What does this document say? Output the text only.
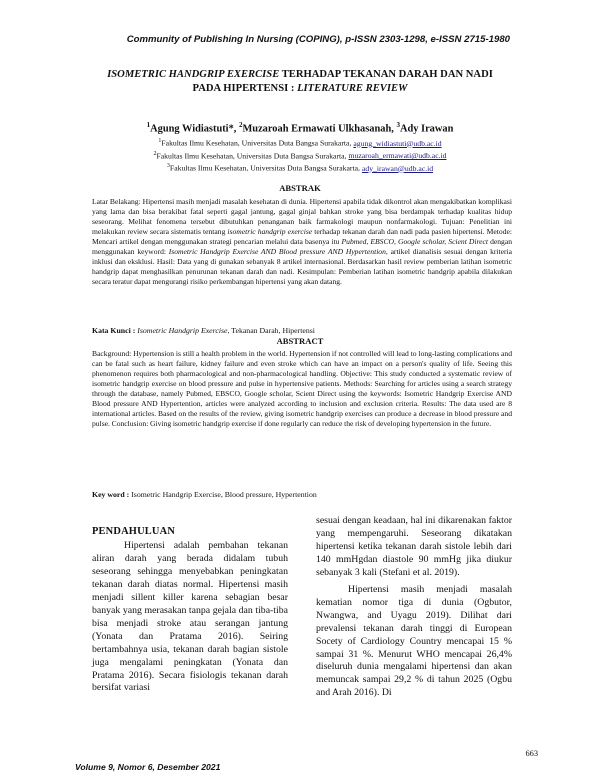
Community of Publishing In Nursing (COPING), p-ISSN 2303-1298, e-ISSN 2715-1980
ISOMETRIC HANDGRIP EXERCISE TERHADAP TEKANAN DARAH DAN NADI
PADA HIPERTENSI : LITERATURE REVIEW
$^1$Agung Widiastuti*, $^2$Muzaroah Ermawati Ulkhasanah, $^3$Ady Irawan
$^1$Fakultas Ilmu Kesehatan, Universitas Duta Bangsa Surakarta, agung_widiastuti@udb.ac.id
$^2$Fakultas Ilmu Kesehatan, Universitas Duta Bangsa Surakarta, muzaroah_ermawati@udb.ac.id
$^3$Fakultas Ilmu Kesehatan, Universitas Duta Bangsa Surakarta, ady_irawan@udb.ac.id
ABSTRAK
Latar Belakang: Hipertensi masih menjadi masalah kesehatan di dunia. Hipertensi apabila tidak dikontrol akan mengakibatkan komplikasi yang lama dan bisa berakibat fatal seperti gagal jantung, gagal ginjal bahkan stroke yang bisa berdampak terhadap kualitas hidup seseorang. Melihat fenomena tersebut dibutuhkan penanganan baik farmakologi maupun nonfarmakologi. Tujuan: Penelitian ini melakukan review secara sistematis tentang isometric handgrip exercise terhadap tekanan darah dan nadi pada pasien hipertensi. Metode: Mencari artikel dengan menggunakan strategi pencarian melalui data basenya itu Pubmed, EBSCO, Google scholar, Scient Direct dengan menggunakan keyword: Isometric Handgrip Exercise AND Blood pressure AND Hypertention, artikel dianalisis sesuai dengan kriteria inklusi dan eksklusi. Hasil: Data yang di gunakan sebanyak 8 artikel internasional. Berdasarkan hasil review pemberian latihan isometric handgrip dapat menghasilkan penurunan tekanan darah dan nadi. Kesimpulan: Pemberian latihan isometric handgrip apabila dilakukan secara teratur dapat mengurangi risiko perkembangan hipertensi yang akan datang.
Kata Kunci : Isometric Handgrip Exercise, Tekanan Darah, Hipertensi
ABSTRACT
Background: Hypertension is still a health problem in the world. Hypertension if not controlled will lead to long-lasting complications and can be fatal such as heart failure, kidney failure and even stroke which can have an impact on a person's quality of life. Seeing this phenomenon requires both pharmacological and non-pharmacological handling. Objective: This study conducted a systematic review of isometric handgrip exercise on blood pressure and pulse in hypertensive patients. Methods: Searching for articles using a search strategy through the database, namely Pubmed, EBSCO, Google scholar, Scient Direct using the keywords: Isometric Handgrip Exercise AND Blood pressure AND Hypertention, articles were analyzed according to inclusion and exclusion criteria. Results: The data used are 8 international articles. Based on the results of the review, giving isometric handgrip exercises can produce a decrease in blood pressure and pulse. Conclusion: Giving isometric handgrip exercise if done regularly can reduce the risk of developing hypertension in the future.
Key word : Isometric Handgrip Exercise, Blood pressure, Hypertention
PENDAHULUAN

Hipertensi adalah pembahan tekanan aliran darah yang berada didalam tubuh seseorang sehingga menyebabkan peningkatan tekanan darah diatas normal. Hipertensi masih menjadi sillent killer karena sebagian besar banyak yang merasakan tanpa gejala dan tiba-tiba bisa menjadi stroke atau serangan jantung (Yonata dan Pratama 2016). Seiring bertambahnya usia, tekanan darah bagian sistole juga mengalami peningkatan (Yonata dan Pratama 2016). Secara fisiologis tekanan darah bersifat variasi

sesuai dengan keadaan, hal ini dikarenakan faktor yang mempengaruhi. Seseorang dikatakan hipertensi ketika tekanan darah sistole lebih dari 140 mmHgdan diastole 90 mmHg jika diukur sebanyak 3 kali (Stefani et al. 2019).

Hipertensi masih menjadi masalah kematian nomor tiga di dunia (Ogbutor, Nwangwa, and Uyagu 2019). Dilihat dari prevalensi tekanan darah tinggi di European Socety of Cardiology Country mencapai 15 % sampai 31 %. Menurut WHO mencapai 26,4% diseluruh dunia mengalami hipertensi dan akan memuncak sampai 29,2 % di tahun 2025 (Ogbu and Arah 2016). Di

663
Volume 9, Nomor 6, Desember 2021
